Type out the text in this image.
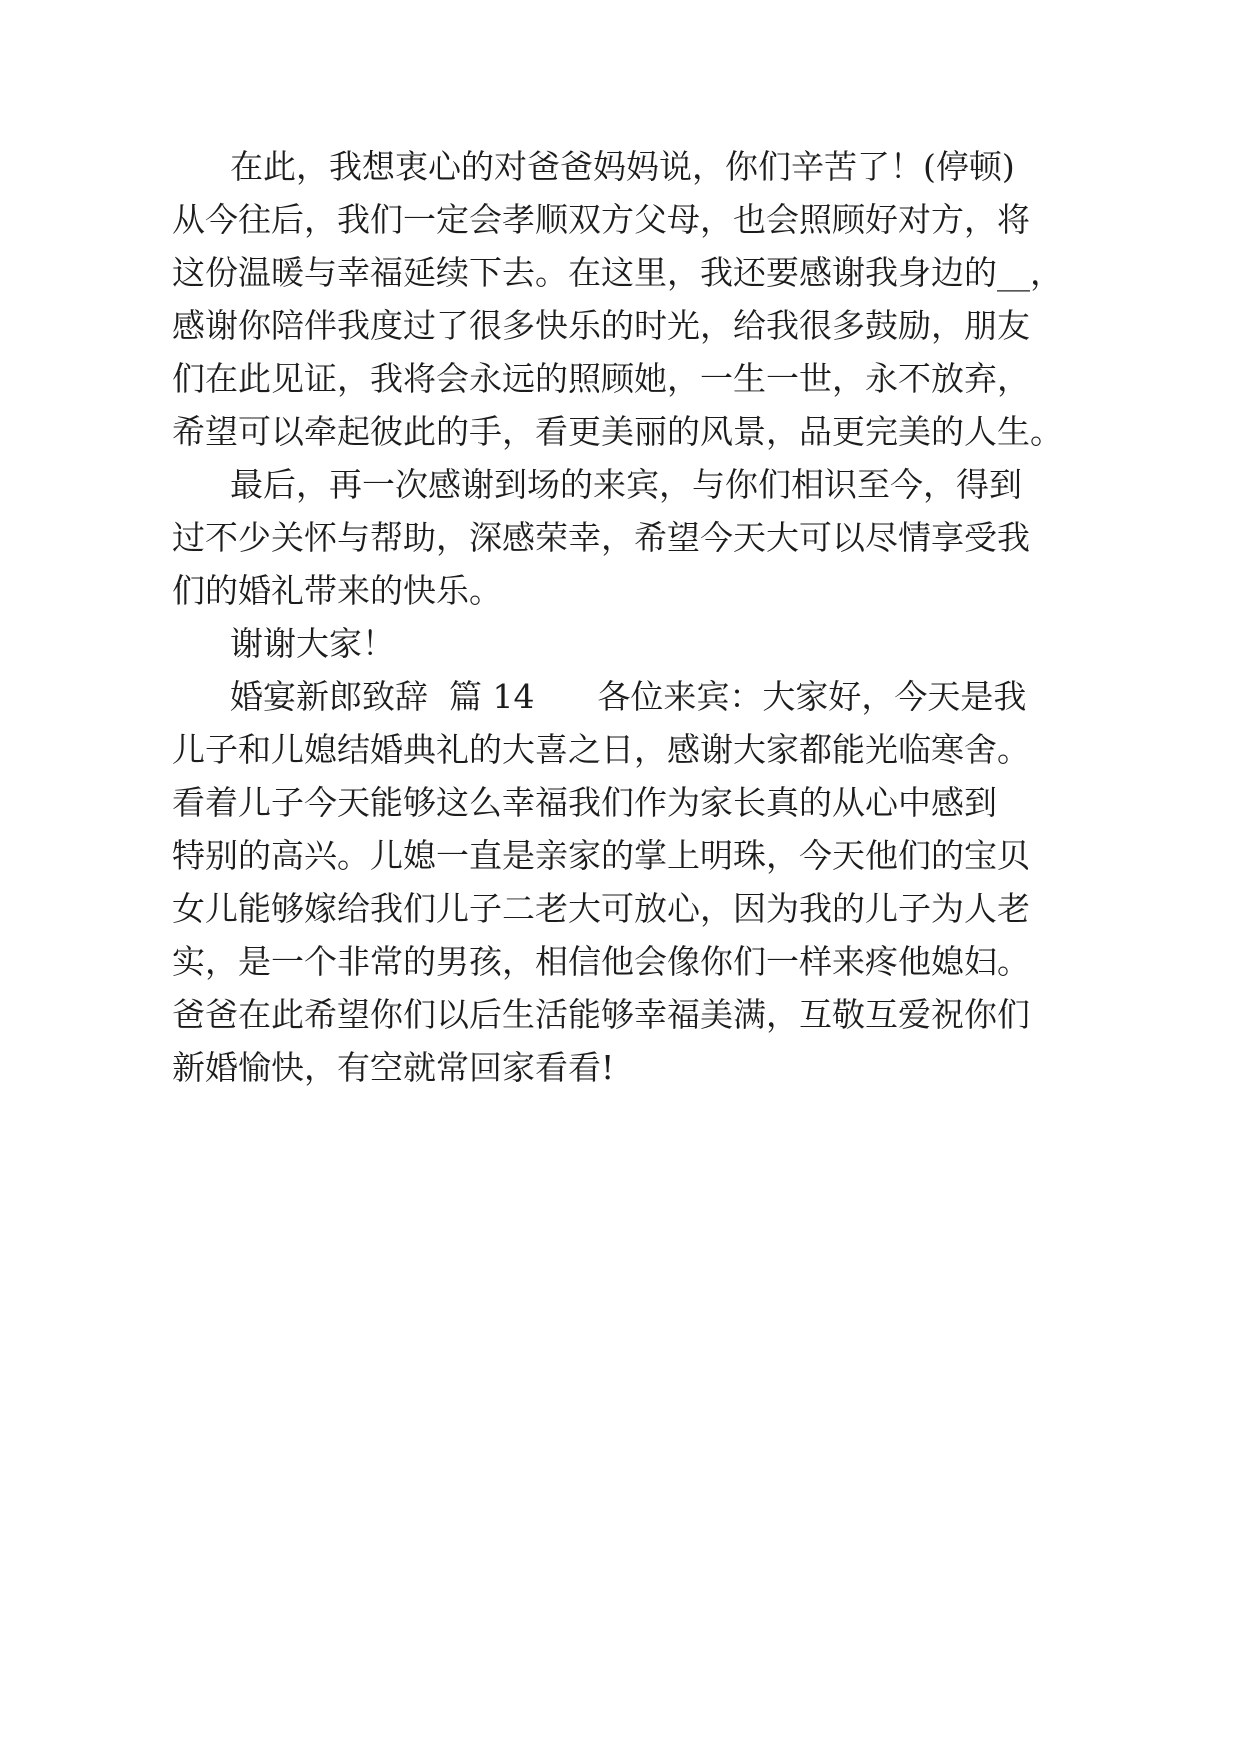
在此，我想衷心的对爸爸妈妈说，你们辛苦了！(停顿)

从今往后，我们一定会孝顺双方父母，也会照顾好对方，将

这份温暖与幸福延续下去。在这里，我还要感谢我身边的__，

感谢你陪伴我度过了很多快乐的时光，给我很多鼓励，朋友

们在此见证，我将会永远的照顾她，一生一世，永不放弃，

希望可以牵起彼此的手，看更美丽的风景，品更完美的人生。

最后，再一次感谢到场的来宾，与你们相识至今，得到

过不少关怀与帮助，深感荣幸，希望今天大可以尽情享受我

们的婚礼带来的快乐。

谢谢大家！

婚宴新郎致辞  篇 14      各位来宾：大家好，今天是我

儿子和儿媳结婚典礼的大喜之日，感谢大家都能光临寒舍。

看着儿子今天能够这么幸福我们作为家长真的从心中感到

特别的高兴。儿媳一直是亲家的掌上明珠，今天他们的宝贝

女儿能够嫁给我们儿子二老大可放心，因为我的儿子为人老

实，是一个非常的男孩，相信他会像你们一样来疼他媳妇。

爸爸在此希望你们以后生活能够幸福美满，互敬互爱祝你们

新婚愉快，有空就常回家看看!
